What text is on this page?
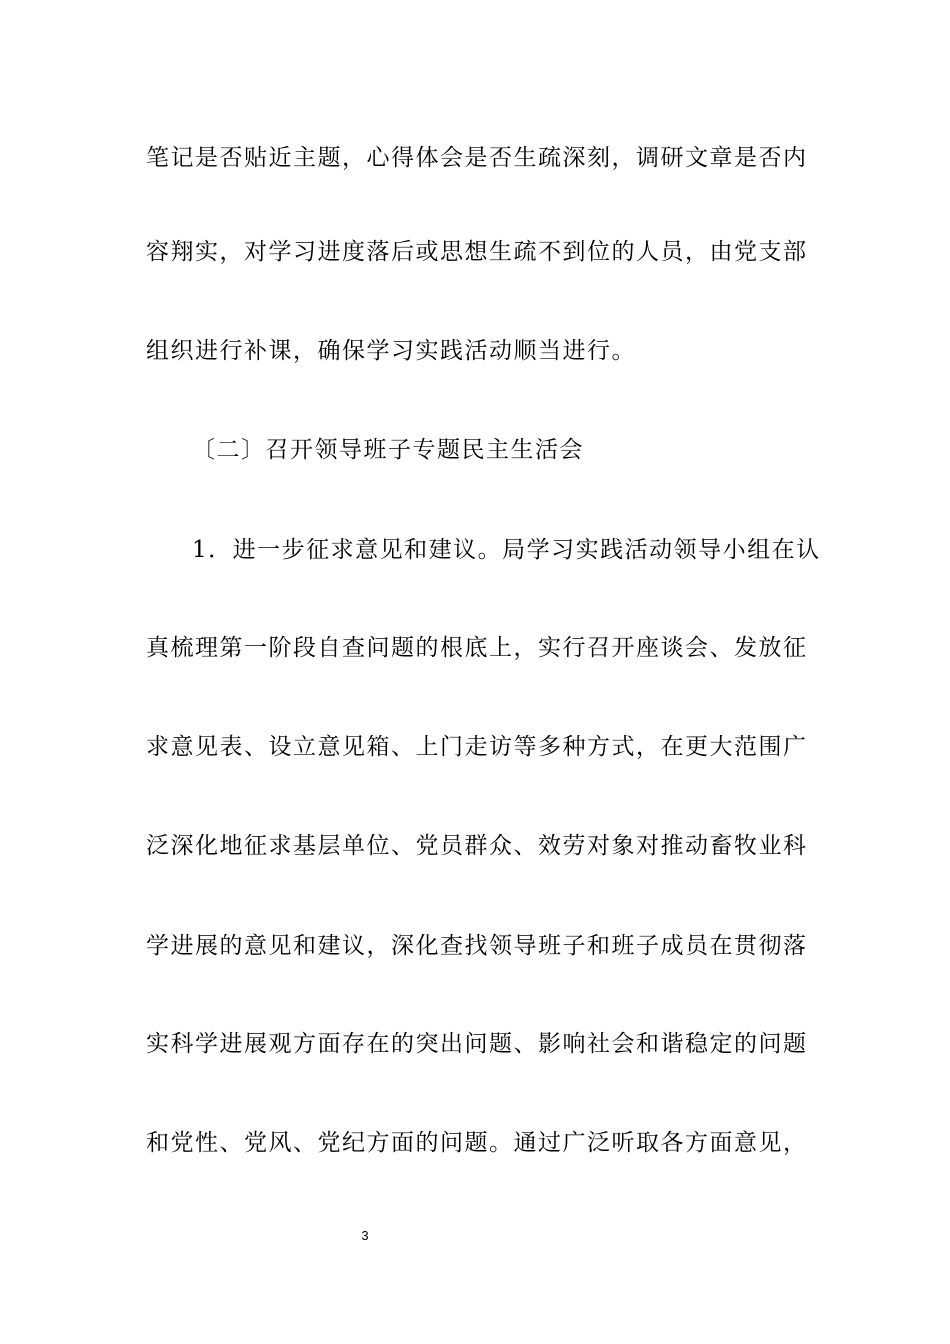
笔记是否贴近主题，心得体会是否生疏深刻，调研文章是否内
容翔实，对学习进度落后或思想生疏不到位的人员，由党支部
组织进行补课，确保学习实践活动顺当进行。
〔二〕召开领导班子专题民主生活会
1．进一步征求意见和建议。局学习实践活动领导小组在认
真梳理第一阶段自查问题的根底上，实行召开座谈会、发放征
求意见表、设立意见箱、上门走访等多种方式，在更大范围广
泛深化地征求基层单位、党员群众、效劳对象对推动畜牧业科
学进展的意见和建议，深化查找领导班子和班子成员在贯彻落
实科学进展观方面存在的突出问题、影响社会和谐稳定的问题
和党性、党风、党纪方面的问题。通过广泛听取各方面意见，
3
